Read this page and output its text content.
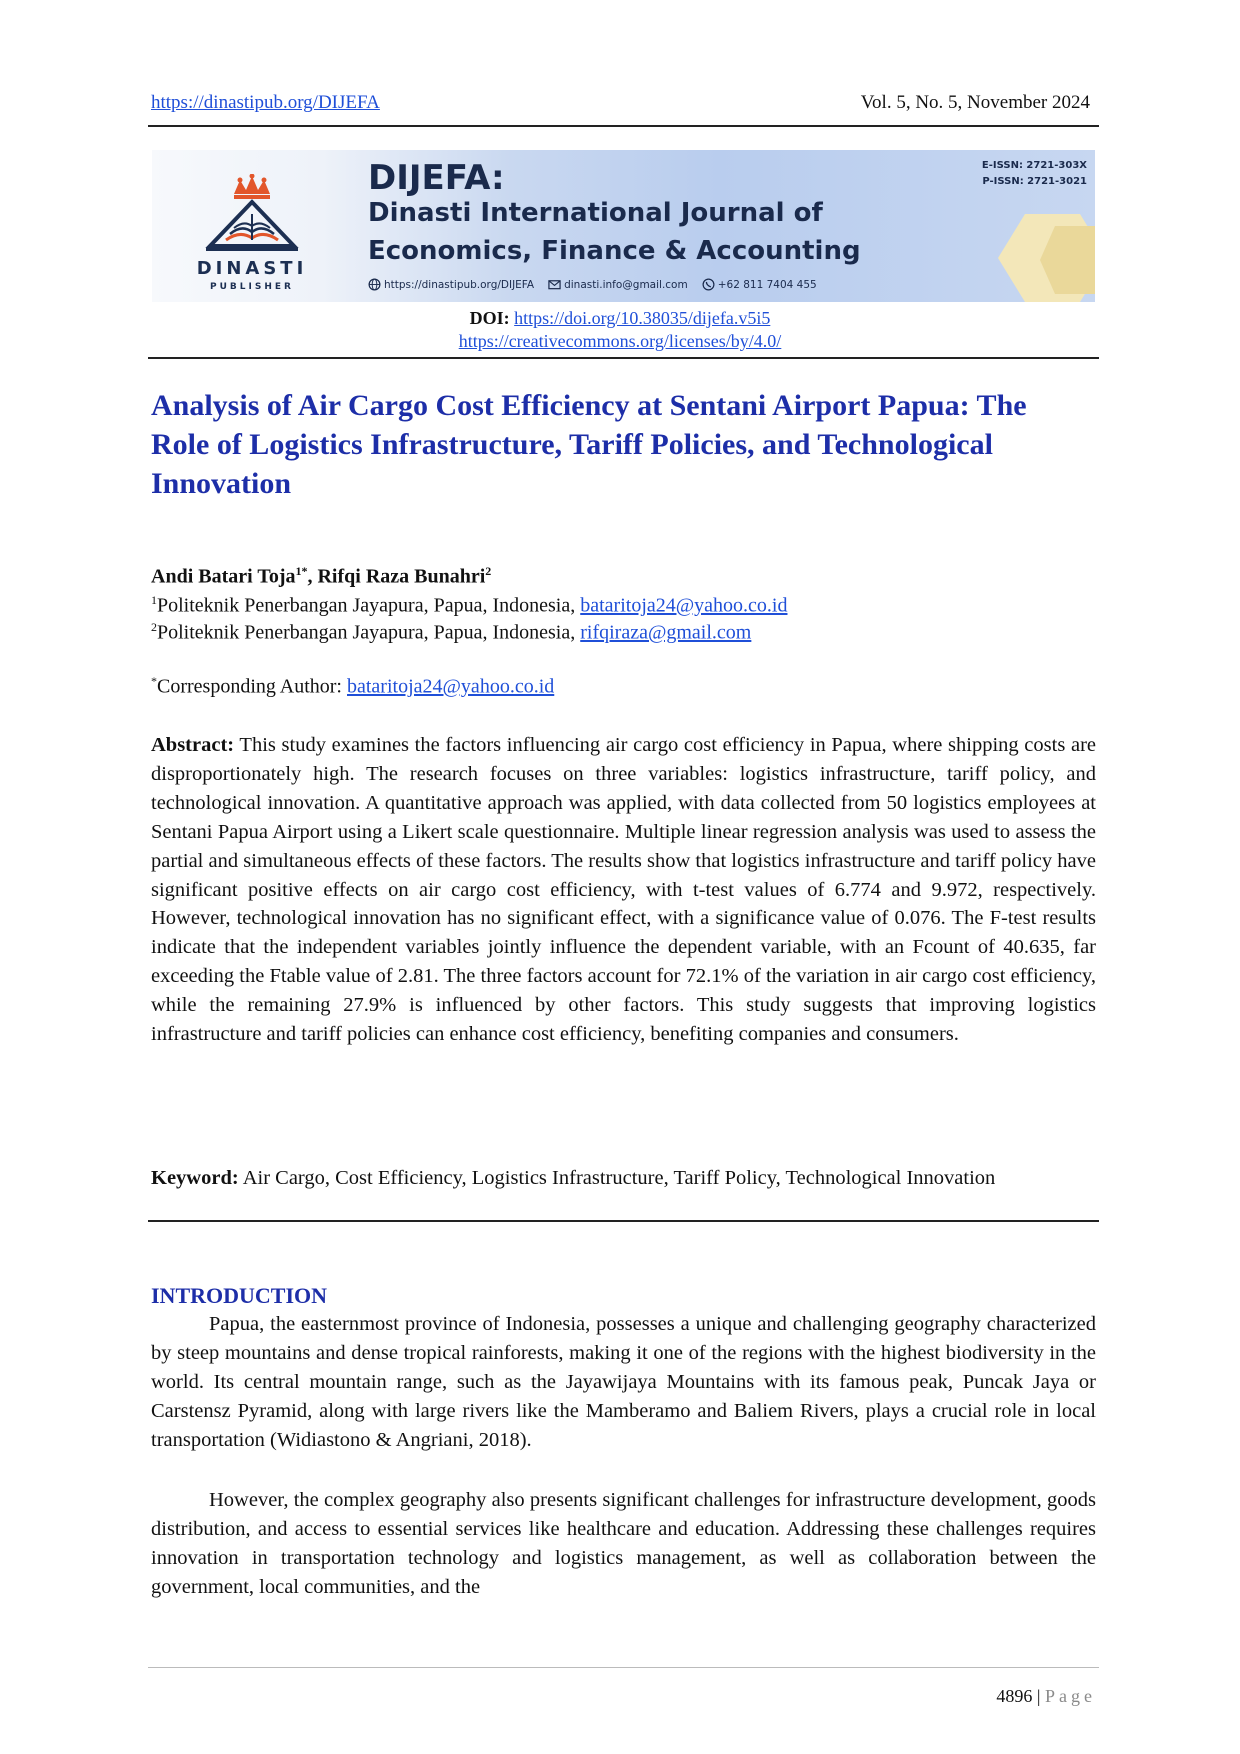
https://dinastipub.org/DIJEFA	Vol. 5, No. 5, November 2024
DINASTI
PUBLISHER
DIJEFA:
Dinasti International Journal of
Economics, Finance & Accounting
https://dinastipub.org/DIJEFA	dinasti.info@gmail.com	+62 811 7404 455
E-ISSN: 2721-303X
P-ISSN: 2721-3021
DOI: https://doi.org/10.38035/dijefa.v5i5
https://creativecommons.org/licenses/by/4.0/
Analysis of Air Cargo Cost Efficiency at Sentani Airport Papua: The Role of Logistics Infrastructure, Tariff Policies, and Technological Innovation
Andi Batari Toja$^{1*}$, Rifqi Raza Bunahri$^2$
$^1$Politeknik Penerbangan Jayapura, Papua, Indonesia, bataritoja24@yahoo.co.id
$^2$Politeknik Penerbangan Jayapura, Papua, Indonesia, rifqiraza@gmail.com
*Corresponding Author: bataritoja24@yahoo.co.id
Abstract: This study examines the factors influencing air cargo cost efficiency in Papua, where shipping costs are disproportionately high. The research focuses on three variables: logistics infrastructure, tariff policy, and technological innovation. A quantitative approach was applied, with data collected from 50 logistics employees at Sentani Papua Airport using a Likert scale questionnaire. Multiple linear regression analysis was used to assess the partial and simultaneous effects of these factors. The results show that logistics infrastructure and tariff policy have significant positive effects on air cargo cost efficiency, with t-test values of 6.774 and 9.972, respectively. However, technological innovation has no significant effect, with a significance value of 0.076. The F-test results indicate that the independent variables jointly influence the dependent variable, with an Fcount of 40.635, far exceeding the Ftable value of 2.81. The three factors account for 72.1% of the variation in air cargo cost efficiency, while the remaining 27.9% is influenced by other factors. This study suggests that improving logistics infrastructure and tariff policies can enhance cost efficiency, benefiting companies and consumers.
Keyword: Air Cargo, Cost Efficiency, Logistics Infrastructure, Tariff Policy, Technological Innovation
INTRODUCTION
Papua, the easternmost province of Indonesia, possesses a unique and challenging geography characterized by steep mountains and dense tropical rainforests, making it one of the regions with the highest biodiversity in the world. Its central mountain range, such as the Jayawijaya Mountains with its famous peak, Puncak Jaya or Carstensz Pyramid, along with large rivers like the Mamberamo and Baliem Rivers, plays a crucial role in local transportation (Widiastono & Angriani, 2018).
However, the complex geography also presents significant challenges for infrastructure development, goods distribution, and access to essential services like healthcare and education. Addressing these challenges requires innovation in transportation technology and logistics management, as well as collaboration between the government, local communities, and the
4896 | Page
